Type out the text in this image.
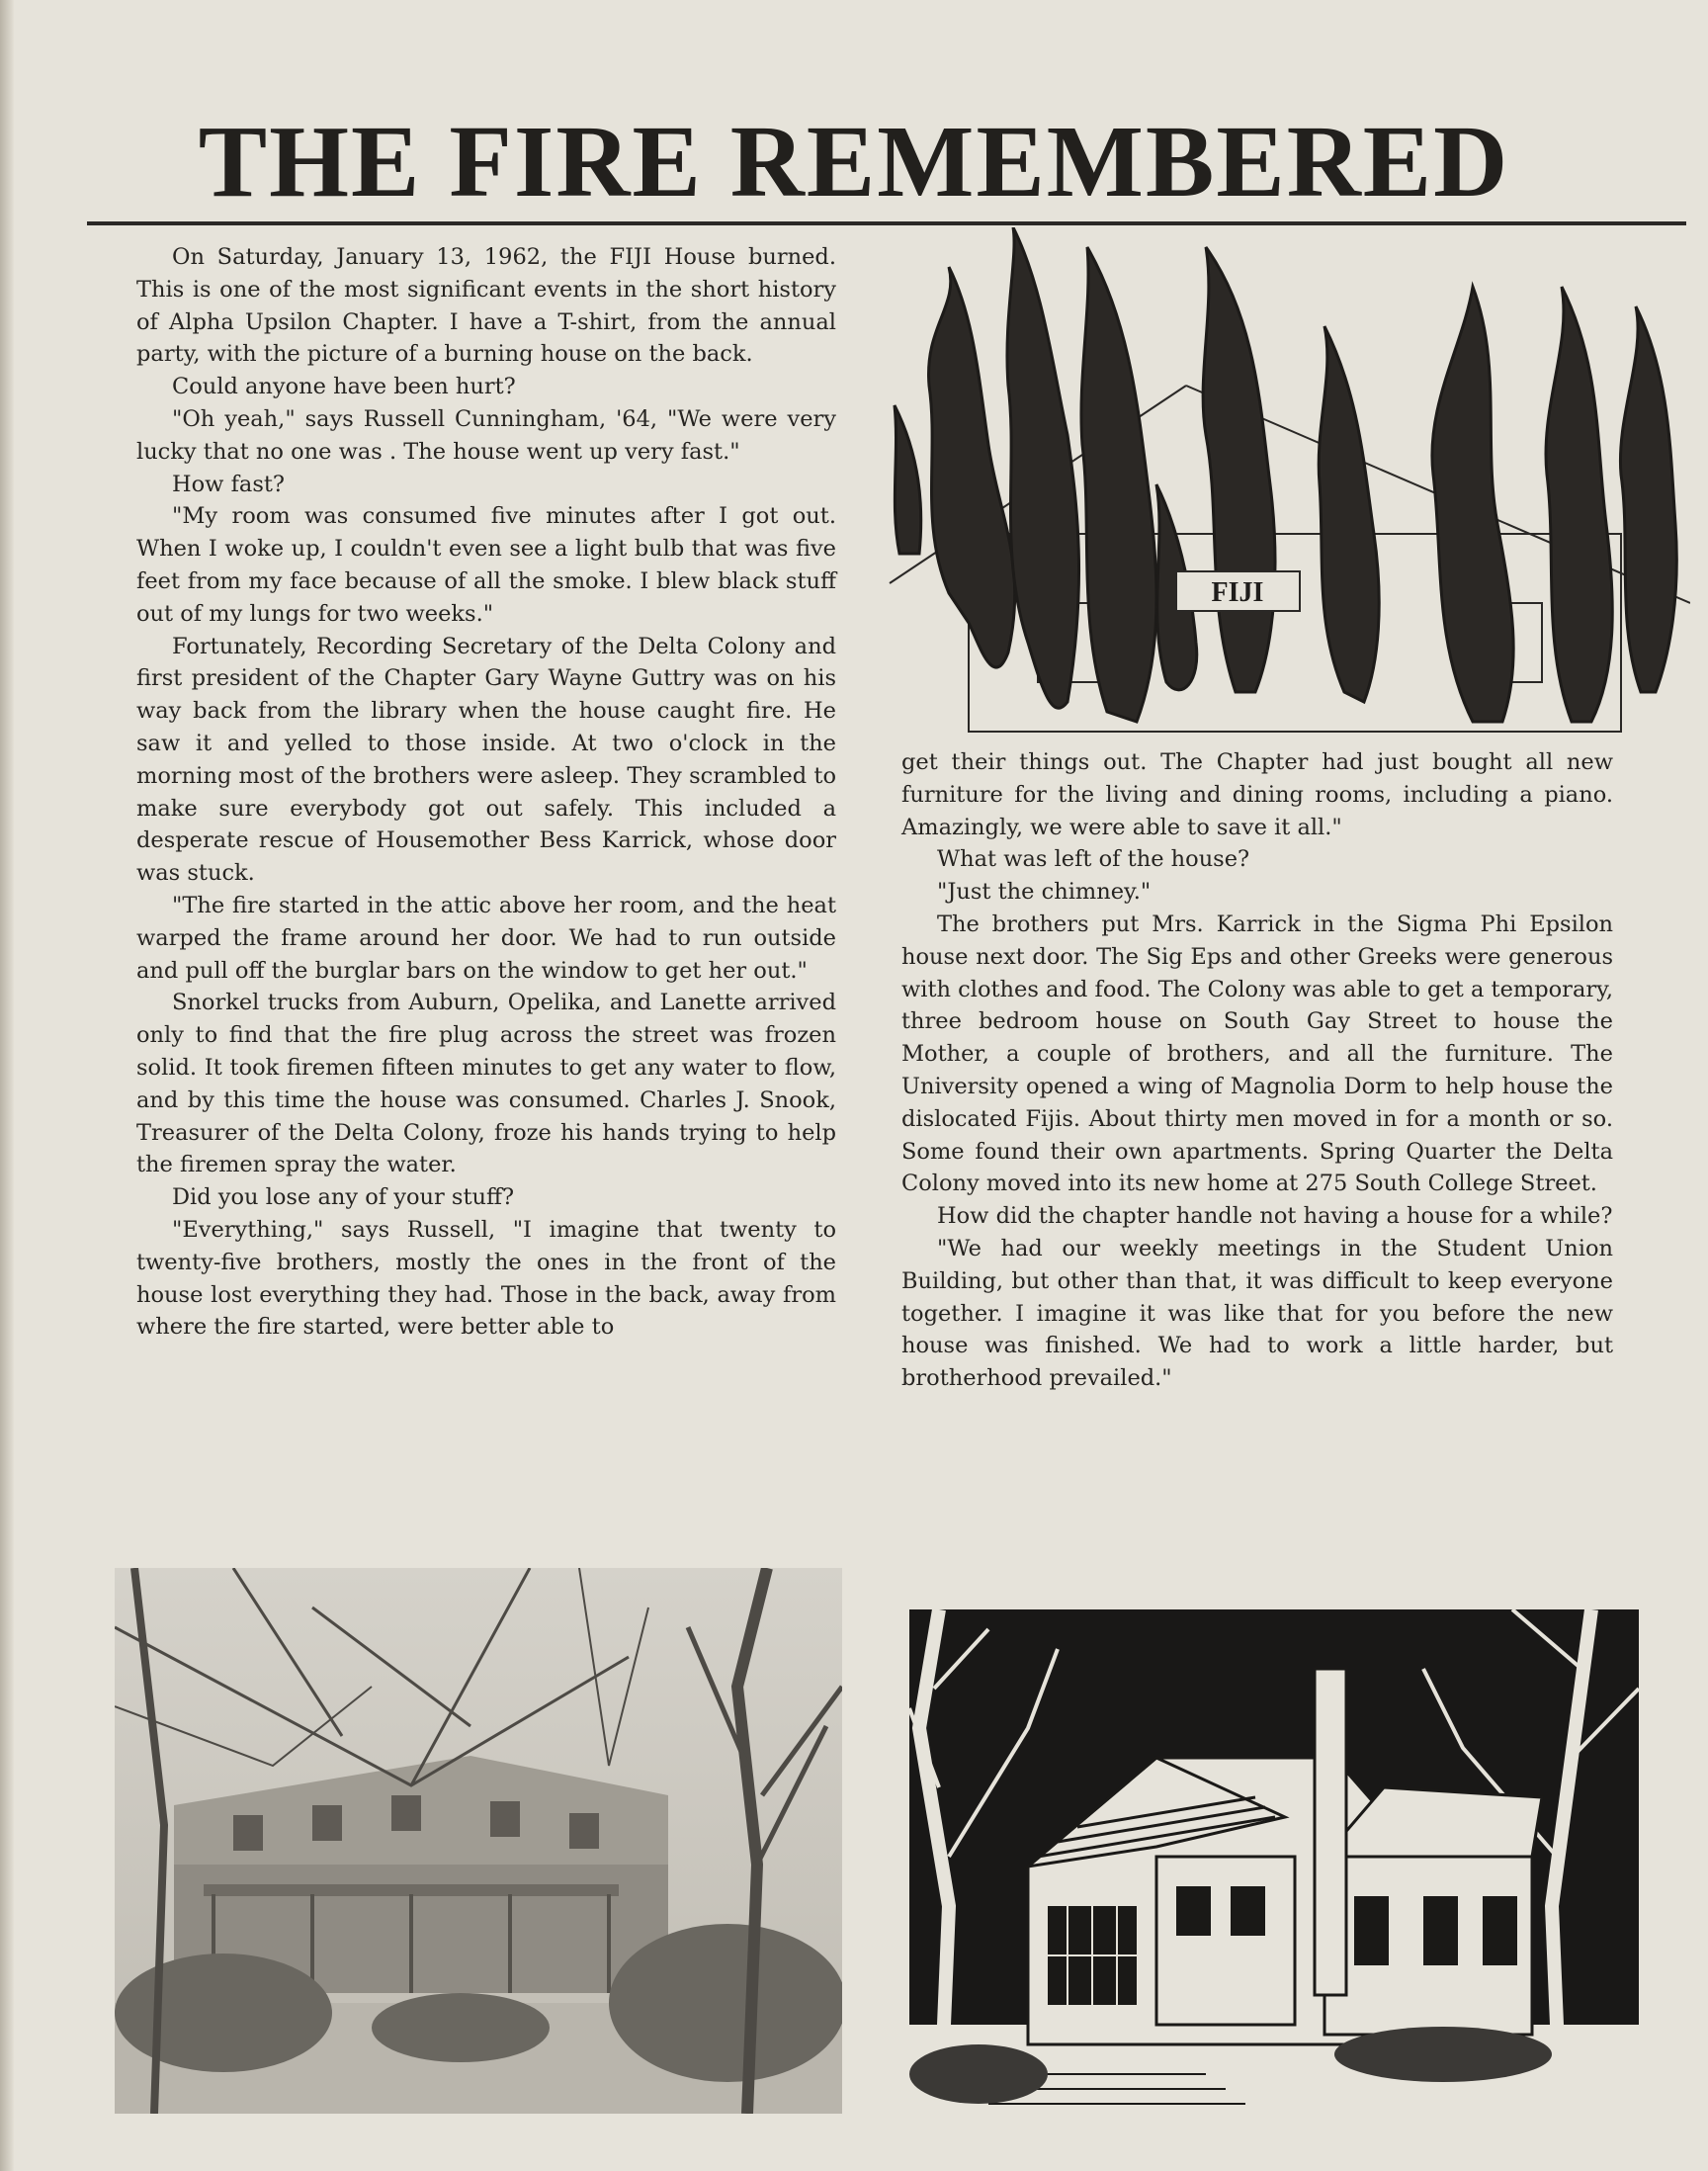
THE FIRE REMEMBERED

On Saturday, January 13, 1962, the FIJI House burned. This is one of the most significant events in the short history of Alpha Upsilon Chapter. I have a T-shirt, from the annual party, with the picture of a burning house on the back.

Could anyone have been hurt?

"Oh yeah," says Russell Cunningham, '64, "We were very lucky that no one was . The house went up very fast."

How fast?

"My room was consumed five minutes after I got out. When I woke up, I couldn't even see a light bulb that was five feet from my face because of all the smoke. I blew black stuff out of my lungs for two weeks."

Fortunately, Recording Secretary of the Delta Colony and first president of the Chapter Gary Wayne Guttry was on his way back from the library when the house caught fire. He saw it and yelled to those inside. At two o'clock in the morning most of the brothers were asleep. They scrambled to make sure everybody got out safely. This included a desperate rescue of Housemother Bess Karrick, whose door was stuck.

"The fire started in the attic above her room, and the heat warped the frame around her door. We had to run outside and pull off the burglar bars on the window to get her out."

Snorkel trucks from Auburn, Opelika, and Lanette arrived only to find that the fire plug across the street was frozen solid. It took firemen fifteen minutes to get any water to flow, and by this time the house was consumed. Charles J. Snook, Treasurer of the Delta Colony, froze his hands trying to help the firemen spray the water.

Did you lose any of your stuff?

"Everything," says Russell, "I imagine that twenty to twenty-five brothers, mostly the ones in the front of the house lost everything they had. Those in the back, away from where the fire started, were better able to

get their things out. The Chapter had just bought all new furniture for the living and dining rooms, including a piano. Amazingly, we were able to save it all."

What was left of the house?

"Just the chimney."

The brothers put Mrs. Karrick in the Sigma Phi Epsilon house next door. The Sig Eps and other Greeks were generous with clothes and food. The Colony was able to get a temporary, three bedroom house on South Gay Street to house the Mother, a couple of brothers, and all the furniture. The University opened a wing of Magnolia Dorm to help house the dislocated Fijis. About thirty men moved in for a month or so. Some found their own apartments. Spring Quarter the Delta Colony moved into its new home at 275 South College Street.

How did the chapter handle not having a house for a while?

"We had our weekly meetings in the Student Union Building, but other than that, it was difficult to keep everyone together. I imagine it was like that for you before the new house was finished. We had to work a little harder, but brotherhood prevailed."

FIJI
